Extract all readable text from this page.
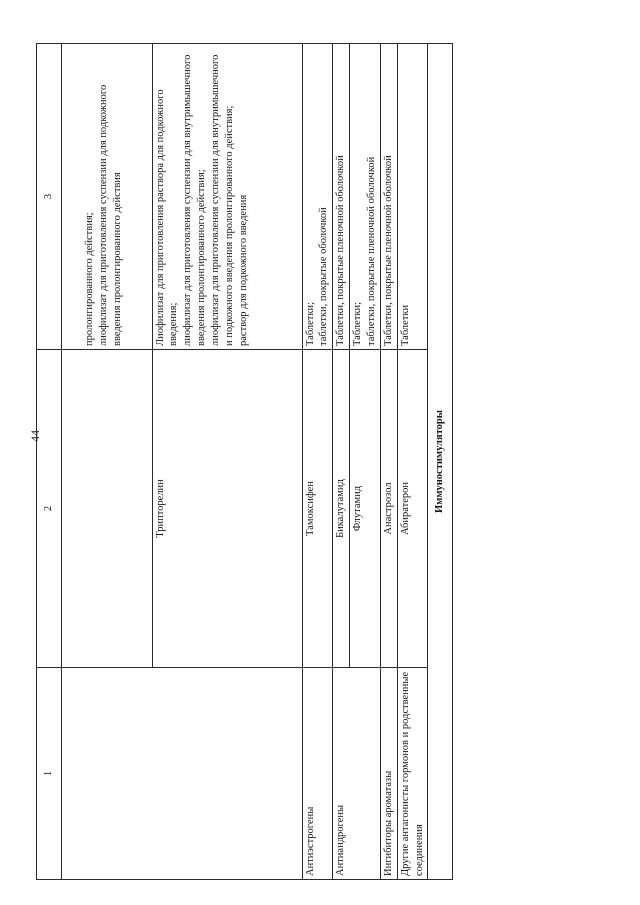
44
1	2	3

		пролонгированного действия; лиофилизат для приготовления суспензии для подкожного введения пролонгированного действия

	Трипторелин	Лиофилизат для приготовления раствора для подкожного введения; лиофилизат для приготовления суспензии для внутримышечного введения пролонгированного действия; лиофилизат для приготовления суспензии для внутримышечного и подкожного введения пролонгированного действия; раствор для подкожного введения

Антиэстрогены	Тамоксифен	Таблетки; таблетки, покрытые оболочкой

Антиандрогены	Бикалутамид	Таблетки, покрытые пленочной оболочкой

	Флутамид	Таблетки; таблетки, покрытые пленочной оболочкой

Ингибиторы ароматазы	Анастрозол	Таблетки, покрытые пленочной оболочкой

Другие антагонисты гормонов и родственные соединения	Абиратерон	Таблетки

Иммуностимуляторы		
